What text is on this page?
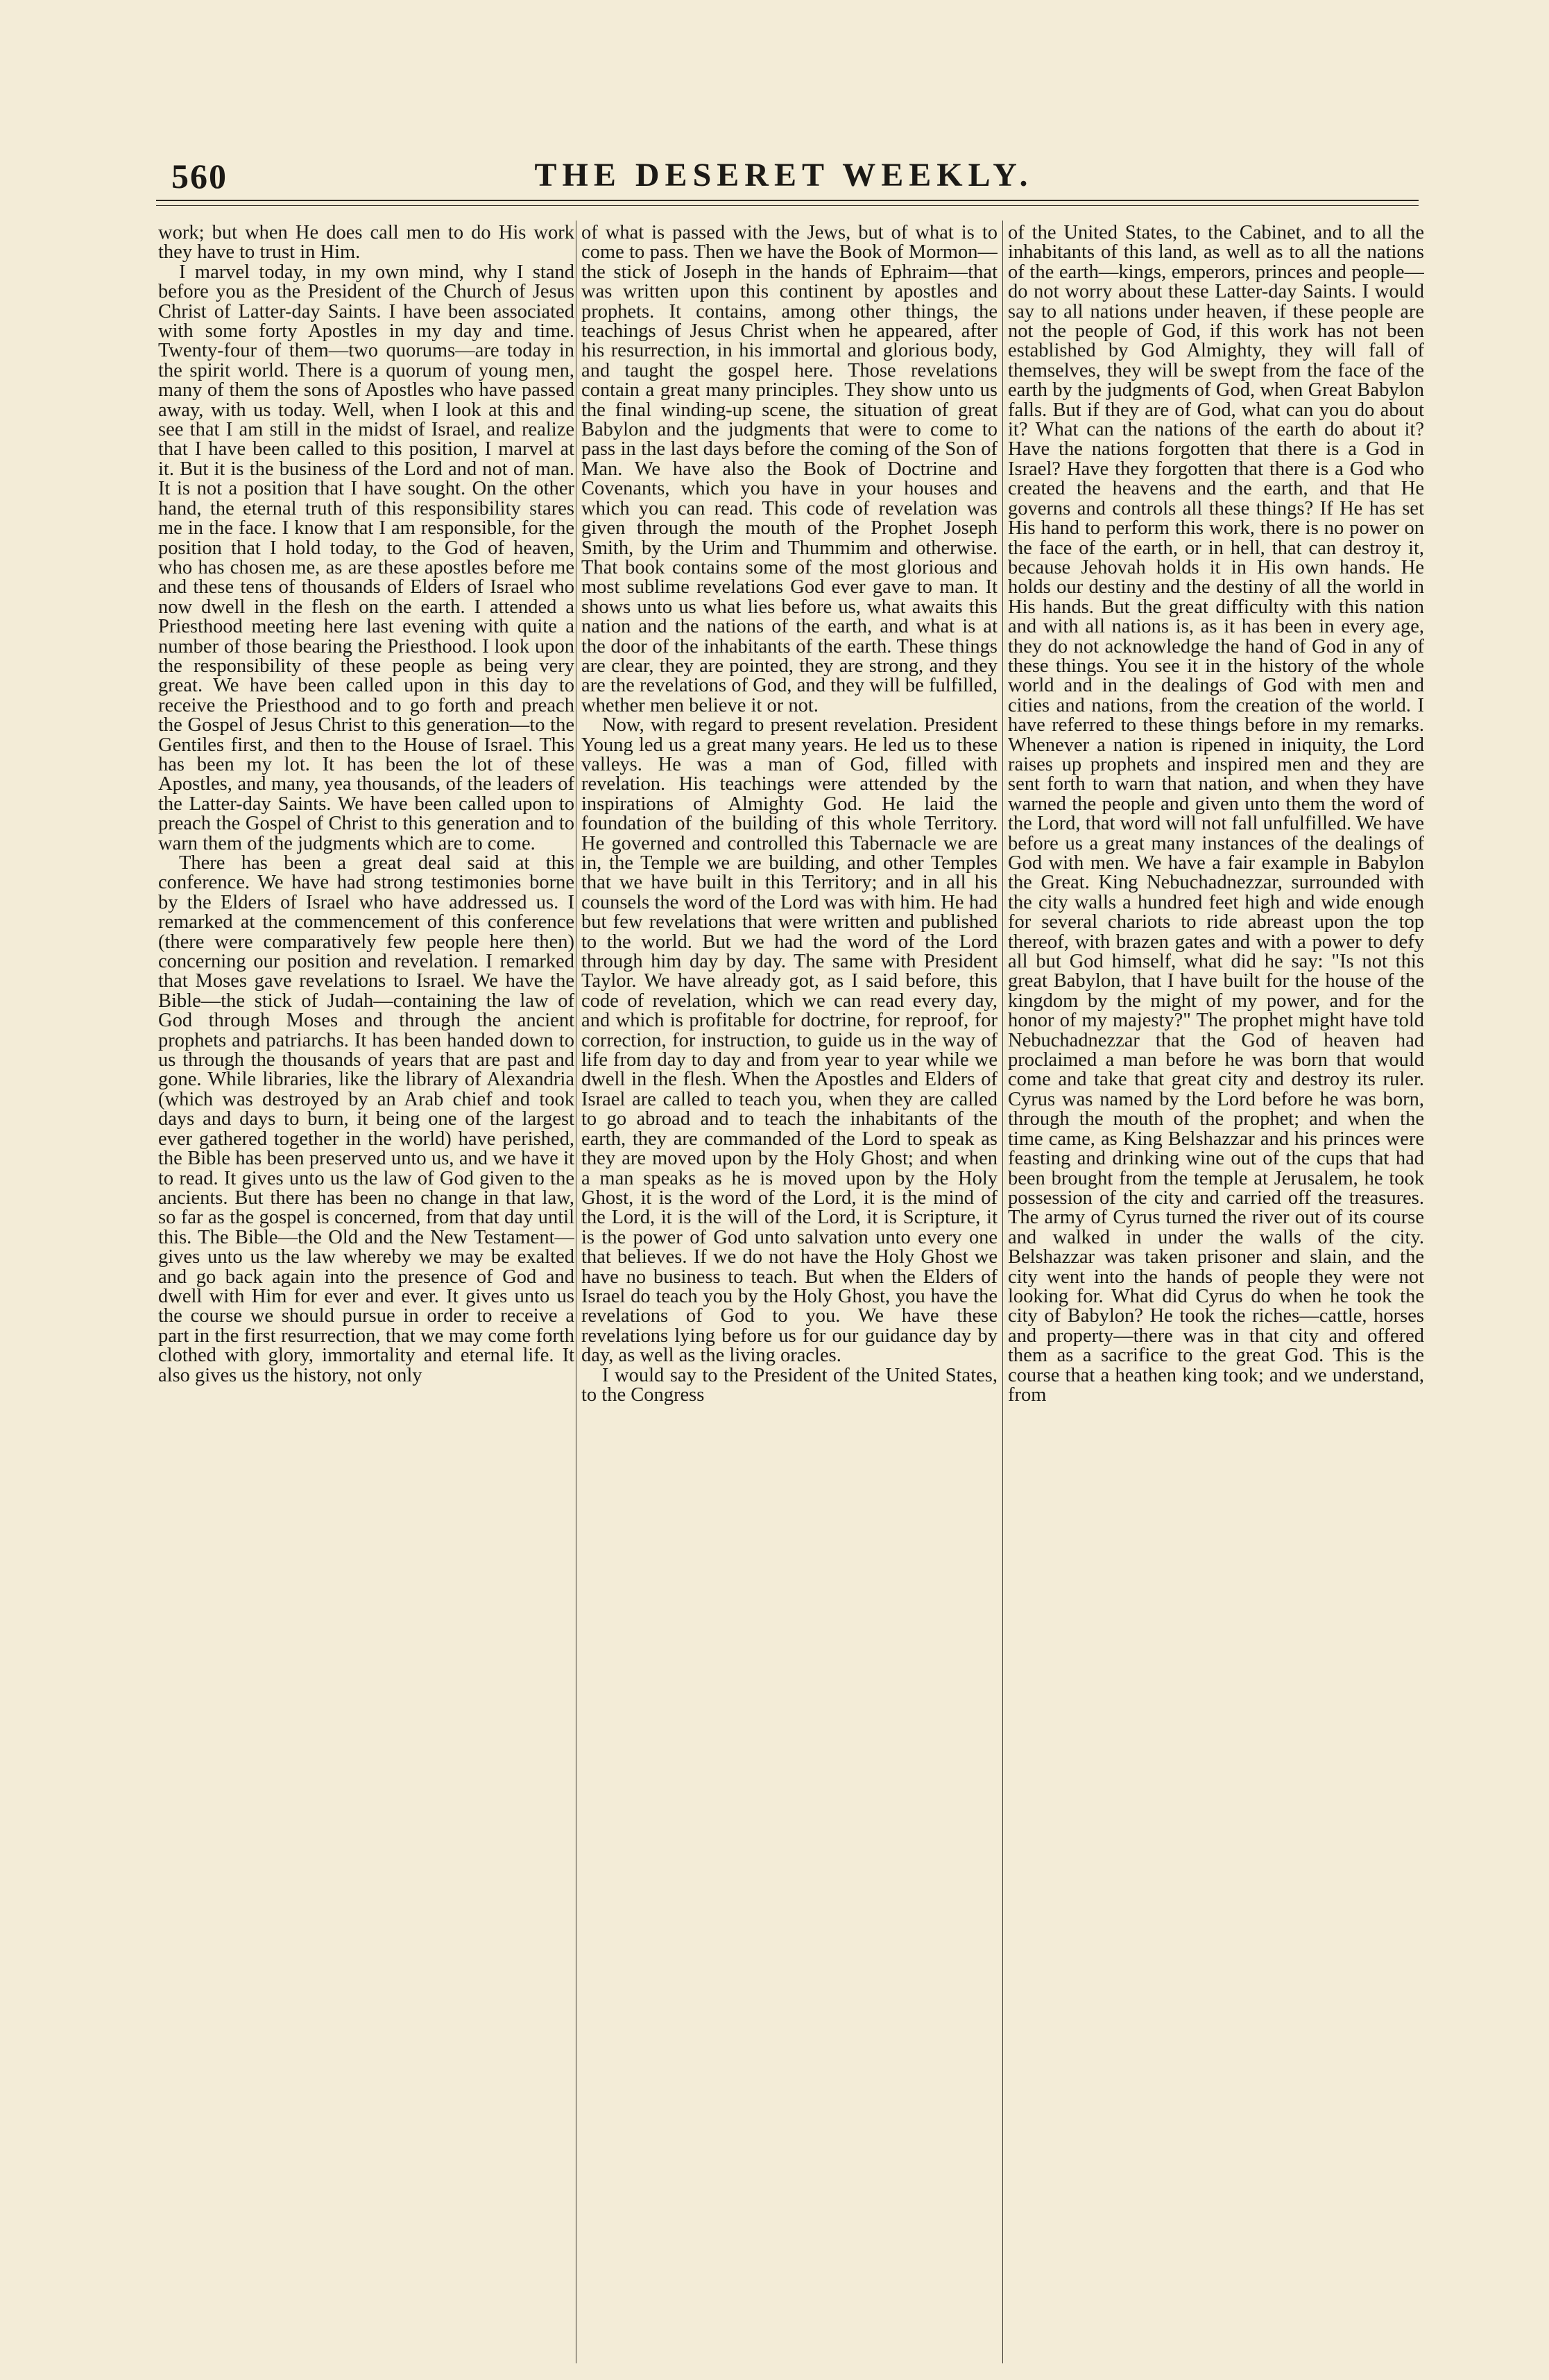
560	THE DESERET WEEKLY.

work; but when He does call men to do His work they have to trust in Him.

I marvel today, in my own mind, why I stand before you as the President of the Church of Jesus Christ of Latter-day Saints. I have been associated with some forty Apostles in my day and time. Twenty-four of them—two quorums—are today in the spirit world. There is a quorum of young men, many of them the sons of Apostles who have passed away, with us today. Well, when I look at this and see that I am still in the midst of Israel, and realize that I have been called to this position, I marvel at it. But it is the business of the Lord and not of man. It is not a position that I have sought. On the other hand, the eternal truth of this responsibility stares me in the face. I know that I am responsible, for the position that I hold today, to the God of heaven, who has chosen me, as are these apostles before me and these tens of thousands of Elders of Israel who now dwell in the flesh on the earth. I attended a Priesthood meeting here last evening with quite a number of those bearing the Priesthood. I look upon the responsibility of these people as being very great. We have been called upon in this day to receive the Priesthood and to go forth and preach the Gospel of Jesus Christ to this generation—to the Gentiles first, and then to the House of Israel. This has been my lot. It has been the lot of these Apostles, and many, yea thousands, of the leaders of the Latter-day Saints. We have been called upon to preach the Gospel of Christ to this generation and to warn them of the judgments which are to come.

There has been a great deal said at this conference. We have had strong testimonies borne by the Elders of Israel who have addressed us. I remarked at the commencement of this conference (there were comparatively few people here then) concerning our position and revelation. I remarked that Moses gave revelations to Israel. We have the Bible—the stick of Judah—containing the law of God through Moses and through the ancient prophets and patriarchs. It has been handed down to us through the thousands of years that are past and gone. While libraries, like the library of Alexandria (which was destroyed by an Arab chief and took days and days to burn, it being one of the largest ever gathered together in the world) have perished, the Bible has been preserved unto us, and we have it to read. It gives unto us the law of God given to the ancients. But there has been no change in that law, so far as the gospel is concerned, from that day until this. The Bible—the Old and the New Testament—gives unto us the law whereby we may be exalted and go back again into the presence of God and dwell with Him for ever and ever. It gives unto us the course we should pursue in order to receive a part in the first resurrection, that we may come forth clothed with glory, immortality and eternal life. It also gives us the history, not only

of what is passed with the Jews, but of what is to come to pass. Then we have the Book of Mormon—the stick of Joseph in the hands of Ephraim—that was written upon this continent by apostles and prophets. It contains, among other things, the teachings of Jesus Christ when he appeared, after his resurrection, in his immortal and glorious body, and taught the gospel here. Those revelations contain a great many principles. They show unto us the final winding-up scene, the situation of great Babylon and the judgments that were to come to pass in the last days before the coming of the Son of Man. We have also the Book of Doctrine and Covenants, which you have in your houses and which you can read. This code of revelation was given through the mouth of the Prophet Joseph Smith, by the Urim and Thummim and otherwise. That book contains some of the most glorious and most sublime revelations God ever gave to man. It shows unto us what lies before us, what awaits this nation and the nations of the earth, and what is at the door of the inhabitants of the earth. These things are clear, they are pointed, they are strong, and they are the revelations of God, and they will be fulfilled, whether men believe it or not.

Now, with regard to present revelation. President Young led us a great many years. He led us to these valleys. He was a man of God, filled with revelation. His teachings were attended by the inspirations of Almighty God. He laid the foundation of the building of this whole Territory. He governed and controlled this Tabernacle we are in, the Temple we are building, and other Temples that we have built in this Territory; and in all his counsels the word of the Lord was with him. He had but few revelations that were written and published to the world. But we had the word of the Lord through him day by day. The same with President Taylor. We have already got, as I said before, this code of revelation, which we can read every day, and which is profitable for doctrine, for reproof, for correction, for instruction, to guide us in the way of life from day to day and from year to year while we dwell in the flesh. When the Apostles and Elders of Israel are called to teach you, when they are called to go abroad and to teach the inhabitants of the earth, they are commanded of the Lord to speak as they are moved upon by the Holy Ghost; and when a man speaks as he is moved upon by the Holy Ghost, it is the word of the Lord, it is the mind of the Lord, it is the will of the Lord, it is Scripture, it is the power of God unto salvation unto every one that believes. If we do not have the Holy Ghost we have no business to teach. But when the Elders of Israel do teach you by the Holy Ghost, you have the revelations of God to you. We have these revelations lying before us for our guidance day by day, as well as the living oracles.

I would say to the President of the United States, to the Congress

of the United States, to the Cabinet, and to all the inhabitants of this land, as well as to all the nations of the earth—kings, emperors, princes and people—do not worry about these Latter-day Saints. I would say to all nations under heaven, if these people are not the people of God, if this work has not been established by God Almighty, they will fall of themselves, they will be swept from the face of the earth by the judgments of God, when Great Babylon falls. But if they are of God, what can you do about it? What can the nations of the earth do about it? Have the nations forgotten that there is a God in Israel? Have they forgotten that there is a God who created the heavens and the earth, and that He governs and controls all these things? If He has set His hand to perform this work, there is no power on the face of the earth, or in hell, that can destroy it, because Jehovah holds it in His own hands. He holds our destiny and the destiny of all the world in His hands. But the great difficulty with this nation and with all nations is, as it has been in every age, they do not acknowledge the hand of God in any of these things. You see it in the history of the whole world and in the dealings of God with men and cities and nations, from the creation of the world. I have referred to these things before in my remarks. Whenever a nation is ripened in iniquity, the Lord raises up prophets and inspired men and they are sent forth to warn that nation, and when they have warned the people and given unto them the word of the Lord, that word will not fall unfulfilled. We have before us a great many instances of the dealings of God with men. We have a fair example in Babylon the Great. King Nebuchadnezzar, surrounded with the city walls a hundred feet high and wide enough for several chariots to ride abreast upon the top thereof, with brazen gates and with a power to defy all but God himself, what did he say: "Is not this great Babylon, that I have built for the house of the kingdom by the might of my power, and for the honor of my majesty?" The prophet might have told Nebuchadnezzar that the God of heaven had proclaimed a man before he was born that would come and take that great city and destroy its ruler. Cyrus was named by the Lord before he was born, through the mouth of the prophet; and when the time came, as King Belshazzar and his princes were feasting and drinking wine out of the cups that had been brought from the temple at Jerusalem, he took possession of the city and carried off the treasures. The army of Cyrus turned the river out of its course and walked in under the walls of the city. Belshazzar was taken prisoner and slain, and the city went into the hands of people they were not looking for. What did Cyrus do when he took the city of Babylon? He took the riches—cattle, horses and property—there was in that city and offered them as a sacrifice to the great God. This is the course that a heathen king took; and we understand, from
